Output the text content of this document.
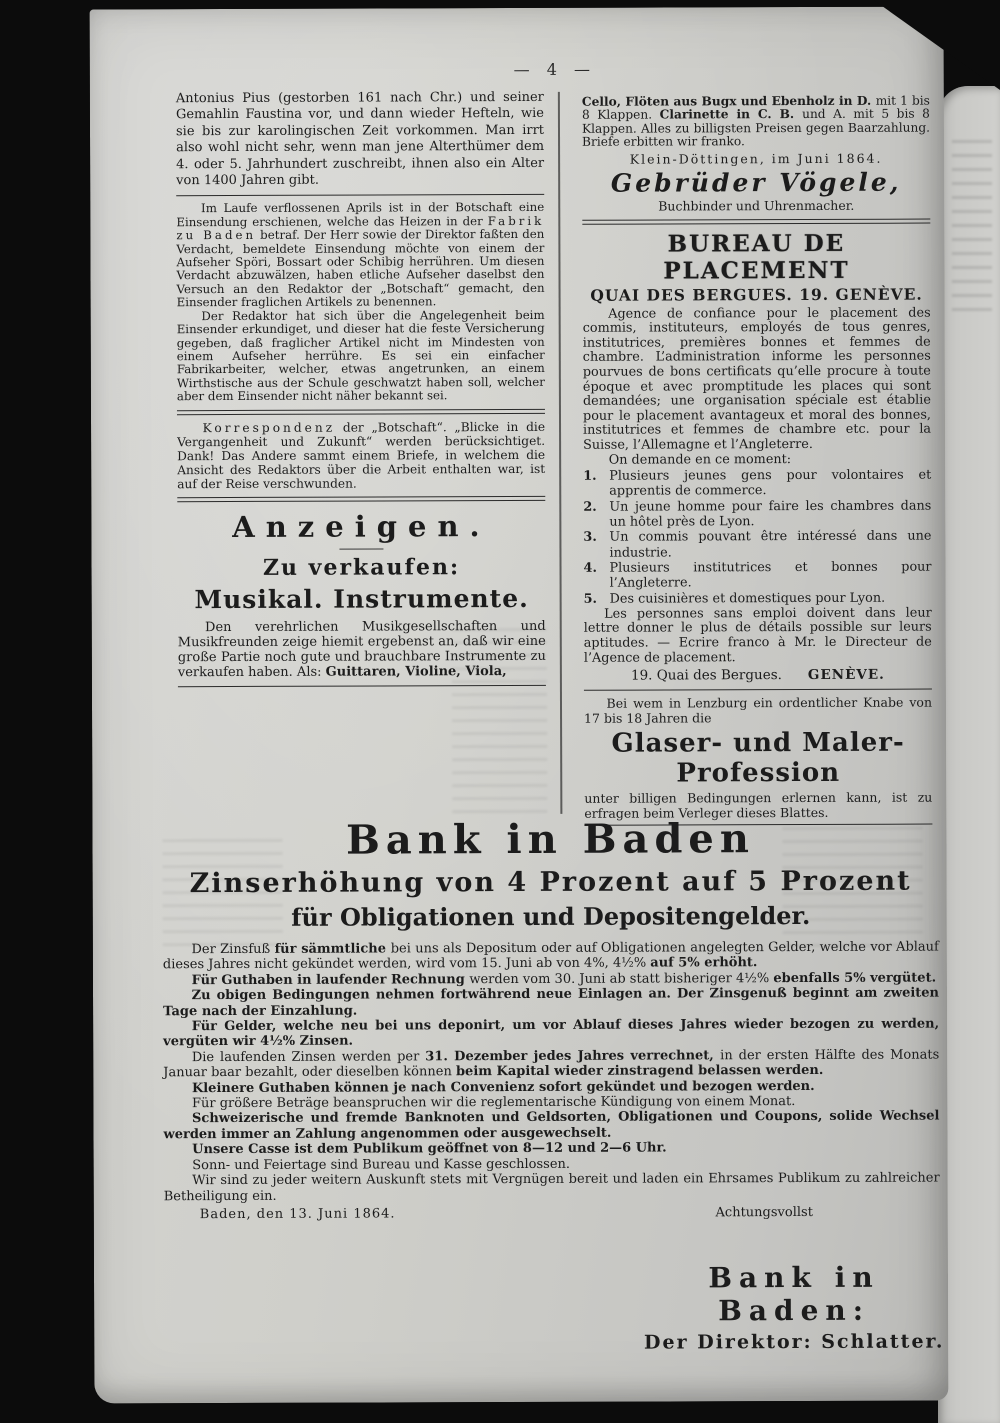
— 4 —

Antonius Pius (gestorben 161 nach Chr.) und seiner Gemahlin Faustina vor, und dann wieder Hefteln, wie sie bis zur karolingischen Zeit vorkommen. Man irrt also wohl nicht sehr, wenn man jene Alterthümer dem 4. oder 5. Jahrhundert zuschreibt, ihnen also ein Alter von 1400 Jahren gibt.

Im Laufe verflossenen Aprils ist in der Botschaft eine Einsendung erschienen, welche das Heizen in der Fabrik zu Baden betraf. Der Herr sowie der Direktor faßten den Verdacht, bemeldete Einsendung möchte von einem der Aufseher Spöri, Bossart oder Schibig herrühren. Um diesen Verdacht abzuwälzen, haben etliche Aufseher daselbst den Versuch an den Redaktor der „Botschaft“ gemacht, den Einsender fraglichen Artikels zu benennen.

Der Redaktor hat sich über die Angelegenheit beim Einsender erkundiget, und dieser hat die feste Versicherung gegeben, daß fraglicher Artikel nicht im Mindesten von einem Aufseher herrühre. Es sei ein einfacher Fabrikarbeiter, welcher, etwas angetrunken, an einem Wirthstische aus der Schule geschwatzt haben soll, welcher aber dem Einsender nicht näher bekannt sei.

Korrespondenz der „Botschaft“. „Blicke in die Vergangenheit und Zukunft“ werden berücksichtiget. Dank! Das Andere sammt einem Briefe, in welchem die Ansicht des Redaktors über die Arbeit enthalten war, ist auf der Reise verschwunden.

Anzeigen.
Zu verkaufen:
Musikal. Instrumente.

Den verehrlichen Musikgesellschaften und Musikfreunden zeige hiemit ergebenst an, daß wir eine große Partie noch gute und brauchbare Instrumente zu verkaufen haben. Als: Guittaren, Violine, Viola,

Cello, Flöten aus Bugx und Ebenholz in D. mit 1 bis 8 Klappen. Clarinette in C. B. und A. mit 5 bis 8 Klappen. Alles zu billigsten Preisen gegen Baarzahlung. Briefe erbitten wir franko.

Klein-Döttingen, im Juni 1864.
Gebrüder Vögele,
Buchbinder und Uhrenmacher.
BUREAU DE PLACEMENT
QUAI DES BERGUES. 19. GENÈVE.

Agence de confiance pour le placement des commis, instituteurs, employés de tous genres, institutrices, premières bonnes et femmes de chambre. L’administration informe les personnes pourvues de bons certificats qu’elle procure à toute époque et avec promptitude les places qui sont demandées; une organisation spéciale est établie pour le placement avantageux et moral des bonnes, institutrices et femmes de chambre etc. pour la Suisse, l’Allemagne et l’Angleterre.

On demande en ce moment:

1. Plusieurs jeunes gens pour volontaires et apprentis de commerce.
2. Un jeune homme pour faire les chambres dans un hôtel près de Lyon.
3. Un commis pouvant être intéressé dans une industrie.
4. Plusieurs institutrices et bonnes pour l’Angleterre.
5. Des cuisinières et domestiques pour Lyon.

Les personnes sans emploi doivent dans leur lettre donner le plus de détails possible sur leurs aptitudes. — Ecrire franco à Mr. le Directeur de l’Agence de placement.

19. Quai des Bergues. GENÈVE.

Bei wem in Lenzburg ein ordentlicher Knabe von 17 bis 18 Jahren die

Glaser- und Maler-Profession

unter billigen Bedingungen erlernen kann, ist zu erfragen beim Verleger dieses Blattes.

Bank in Baden
Zinserhöhung von 4 Prozent auf 5 Prozent
für Obligationen und Depositengelder.

Der Zinsfuß für sämmtliche bei uns als Depositum oder auf Obligationen angelegten Gelder, welche vor Ablauf dieses Jahres nicht gekündet werden, wird vom 15. Juni ab von 4%, 4½% auf 5% erhöht.

Für Guthaben in laufender Rechnung werden vom 30. Juni ab statt bisheriger 4½% ebenfalls 5% vergütet.

Zu obigen Bedingungen nehmen fortwährend neue Einlagen an. Der Zinsgenuß beginnt am zweiten Tage nach der Einzahlung.

Für Gelder, welche neu bei uns deponirt, um vor Ablauf dieses Jahres wieder bezogen zu werden, vergüten wir 4½% Zinsen.

Die laufenden Zinsen werden per 31. Dezember jedes Jahres verrechnet, in der ersten Hälfte des Monats Januar baar bezahlt, oder dieselben können beim Kapital wieder zinstragend belassen werden.

Kleinere Guthaben können je nach Convenienz sofort gekündet und bezogen werden.

Für größere Beträge beanspruchen wir die reglementarische Kündigung von einem Monat.

Schweizerische und fremde Banknoten und Geldsorten, Obligationen und Coupons, solide Wechsel werden immer an Zahlung angenommen oder ausgewechselt.

Unsere Casse ist dem Publikum geöffnet von 8—12 und 2—6 Uhr.

Sonn- und Feiertage sind Bureau und Kasse geschlossen.

Wir sind zu jeder weitern Auskunft stets mit Vergnügen bereit und laden ein Ehrsames Publikum zu zahlreicher Betheiligung ein.

Baden, den 13. Juni 1864.	Achtungsvollst
Bank in Baden:
Der Direktor: Schlatter.
